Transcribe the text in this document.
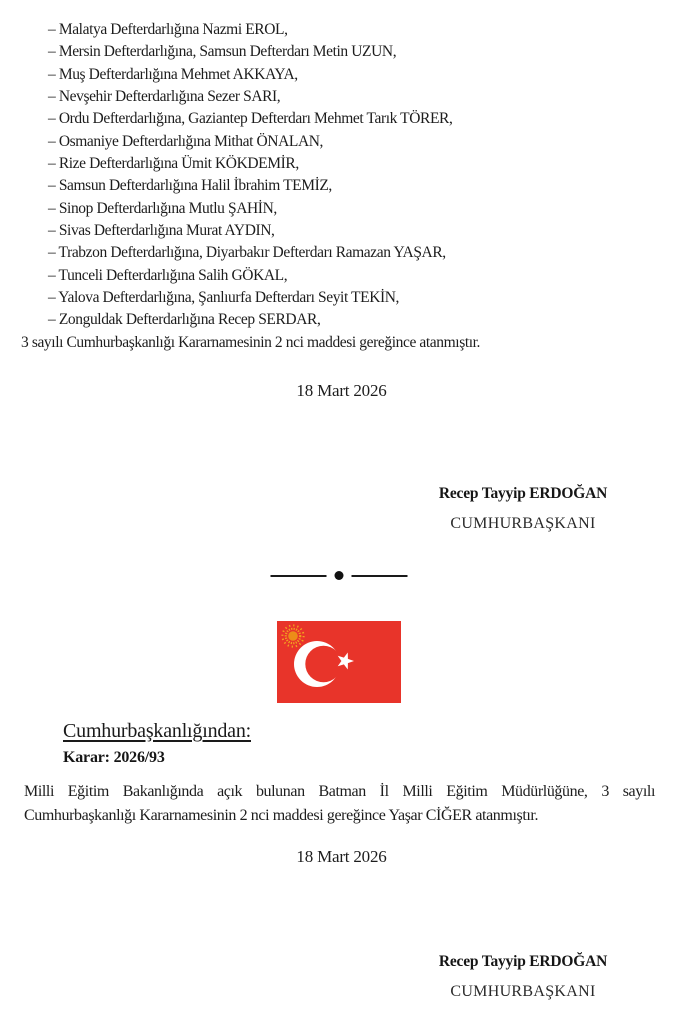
– Malatya Defterdarlığına Nazmi EROL,
– Mersin Defterdarlığına, Samsun Defterdarı Metin UZUN,
– Muş Defterdarlığına Mehmet AKKAYA,
– Nevşehir Defterdarlığına Sezer SARI,
– Ordu Defterdarlığına, Gaziantep Defterdarı Mehmet Tarık TÖRER,
– Osmaniye Defterdarlığına Mithat ÖNALAN,
– Rize Defterdarlığına Ümit KÖKDEMİR,
– Samsun Defterdarlığına Halil İbrahim TEMİZ,
– Sinop Defterdarlığına Mutlu ŞAHİN,
– Sivas Defterdarlığına Murat AYDIN,
– Trabzon Defterdarlığına, Diyarbakır Defterdarı Ramazan YAŞAR,
– Tunceli Defterdarlığına Salih GÖKAL,
– Yalova Defterdarlığına, Şanlıurfa Defterdarı Seyit TEKİN,
– Zonguldak Defterdarlığına Recep SERDAR,
3 sayılı Cumhurbaşkanlığı Kararnamesinin 2 nci maddesi gereğince atanmıştır.
18 Mart 2026
Recep Tayyip ERDOĞAN
CUMHURBAŞKANI
Cumhurbaşkanlığından:
Karar: 2026/93
Milli Eğitim Bakanlığında açık bulunan Batman İl Milli Eğitim Müdürlüğüne, 3 sayılı Cumhurbaşkanlığı Kararnamesinin 2 nci maddesi gereğince Yaşar CİĞER atanmıştır.
18 Mart 2026
Recep Tayyip ERDOĞAN
CUMHURBAŞKANI
